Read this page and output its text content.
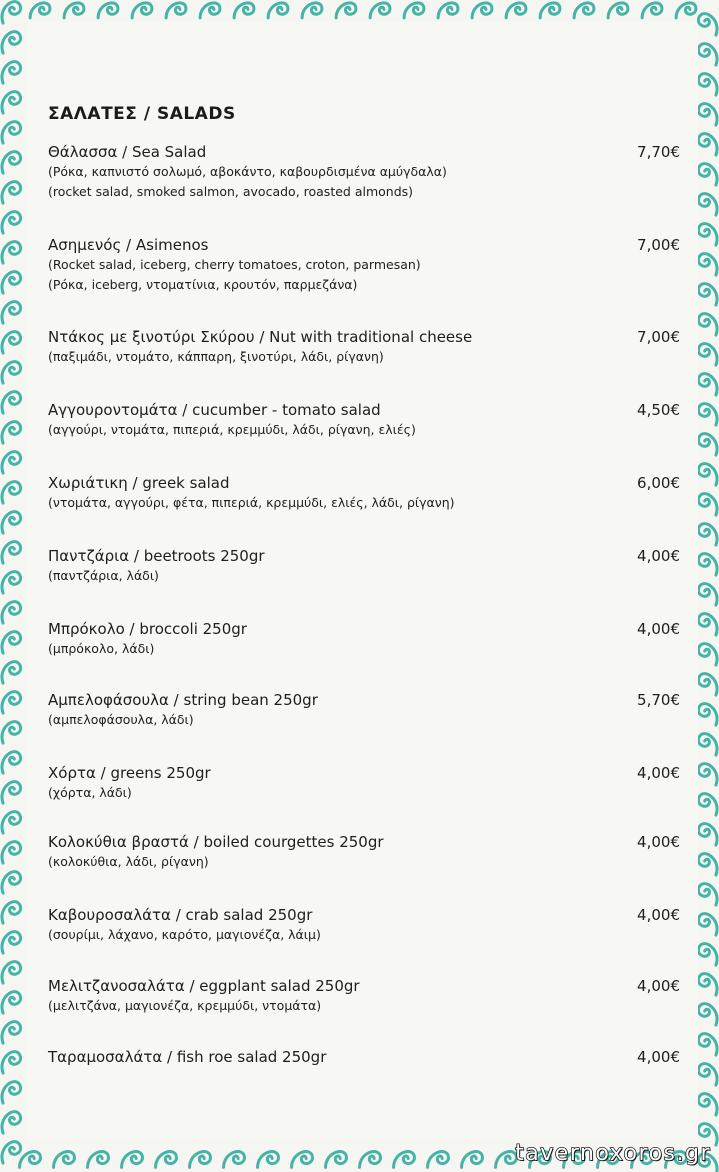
ΣΑΛΑΤΕΣ / SALADS
Θάλασσα / Sea Salad
(Ρόκα, καπνιστό σολωμό, αβοκάντο, καβουρδισμένα αμύγδαλα)
(rocket salad, smoked salmon, avocado, roasted almonds)
7,70€
Ασημενός / Asimenos
(Rocket salad, iceberg, cherry tomatoes, croton, parmesan)
(Ρόκα, iceberg, ντοματίνια, κρουτόν, παρμεζάνα)
7,00€
Ντάκος με ξινοτύρι Σκύρου / Nut with traditional cheese
(παξιμάδι, ντομάτο, κάππαρη, ξινοτύρι, λάδι, ρίγανη)
7,00€
Αγγουροντομάτα / cucumber - tomato salad
(αγγούρι, ντομάτα, πιπεριά, κρεμμύδι, λάδι, ρίγανη, ελιές)
4,50€
Χωριάτικη / greek salad
(ντομάτα, αγγούρι, φέτα, πιπεριά, κρεμμύδι, ελιές, λάδι, ρίγανη)
6,00€
Παντζάρια / beetroots 250gr
(παντζάρια, λάδι)
4,00€
Μπρόκολο / broccoli 250gr
(μπρόκολο, λάδι)
4,00€
Αμπελοφάσουλα / string bean 250gr
(αμπελοφάσουλα, λάδι)
5,70€
Χόρτα / greens 250gr
(χόρτα, λάδι)
4,00€
Κολοκύθια βραστά / boiled courgettes 250gr
(κολοκύθια, λάδι, ρίγανη)
4,00€
Καβουροσαλάτα / crab salad 250gr
(σουρίμι, λάχανο, καρότο, μαγιονέζα, λάιμ)
4,00€
Μελιτζανοσαλάτα / eggplant salad 250gr
(μελιτζάνα, μαγιονέζα, κρεμμύδι, ντομάτα)
4,00€
Ταραμοσαλάτα / fish roe salad 250gr	4,00€
tavernoxoros.gr
